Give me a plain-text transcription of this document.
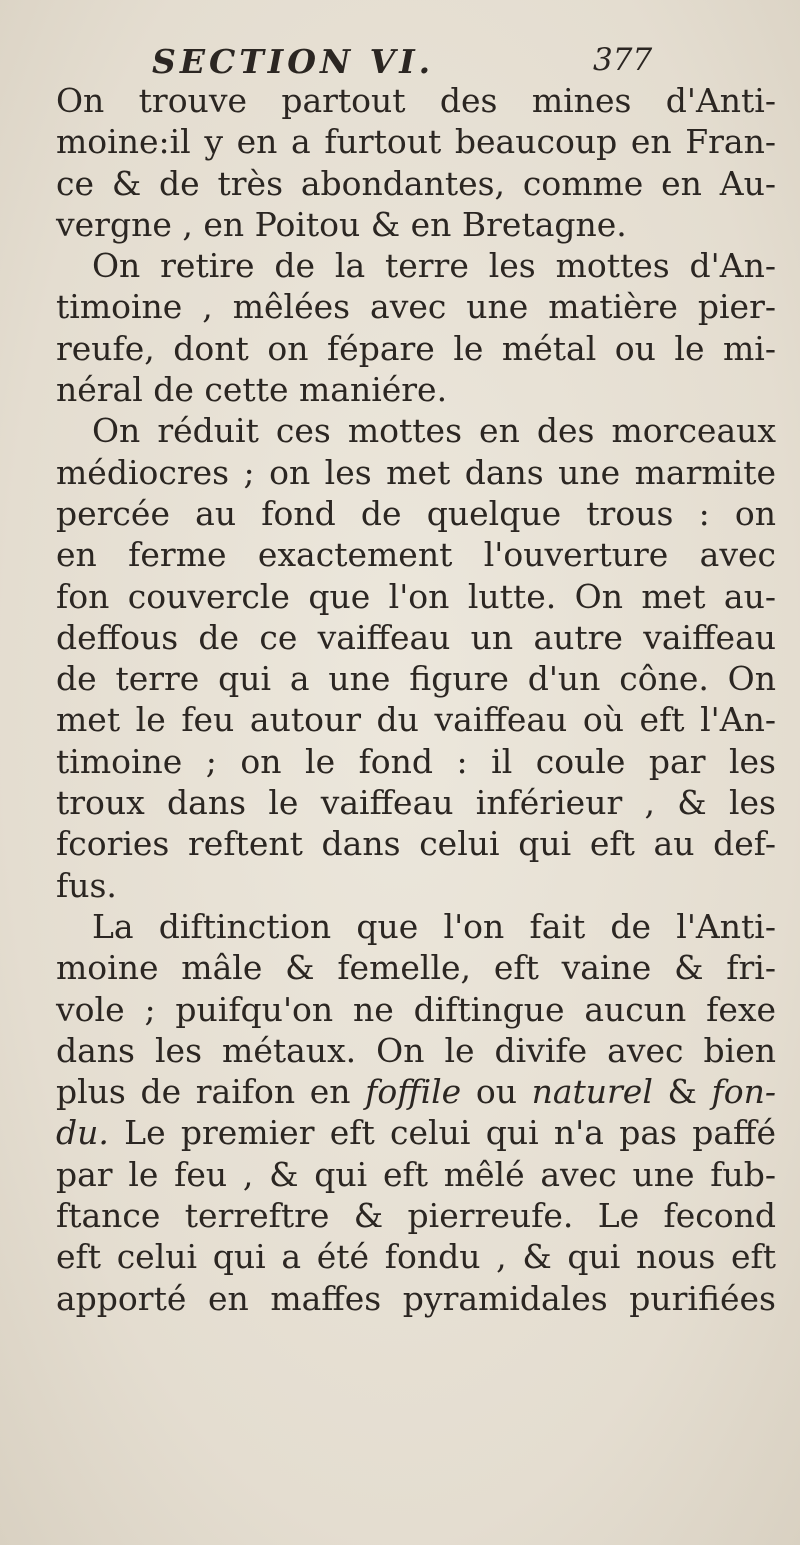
SECTION VI.	377
On trouve partout des mines d'Anti-
moine:il y en a furtout beaucoup en Fran-
ce & de très abondantes, comme en Au-
vergne , en Poitou & en Bretagne.
On retire de la terre les mottes d'An-
timoine , mêlées avec une matière pier-
reufe, dont on fépare le métal ou le mi-
néral de cette maniére.
On réduit ces mottes en des morceaux
médiocres ; on les met dans une marmite
percée au fond de quelque trous : on
en ferme exactement l'ouverture avec
fon couvercle que l'on lutte. On met au-
deffous de ce vaiffeau un autre vaiffeau
de terre qui a une figure d'un cône. On
met le feu autour du vaiffeau où eft l'An-
timoine ; on le fond : il coule par les
troux dans le vaiffeau inférieur , & les
fcories reftent dans celui qui eft au def-
fus.
La diftinction que l'on fait de l'Anti-
moine mâle & femelle, eft vaine & fri-
vole ; puifqu'on ne diftingue aucun fexe
dans les métaux. On le divife avec bien
plus de raifon en foffile ou naturel & fon-
du. Le premier eft celui qui n'a pas paffé
par le feu , & qui eft mêlé avec une fub-
ftance terreftre & pierreufe. Le fecond
eft celui qui a été fondu , & qui nous eft
apporté en maffes pyramidales purifiées
